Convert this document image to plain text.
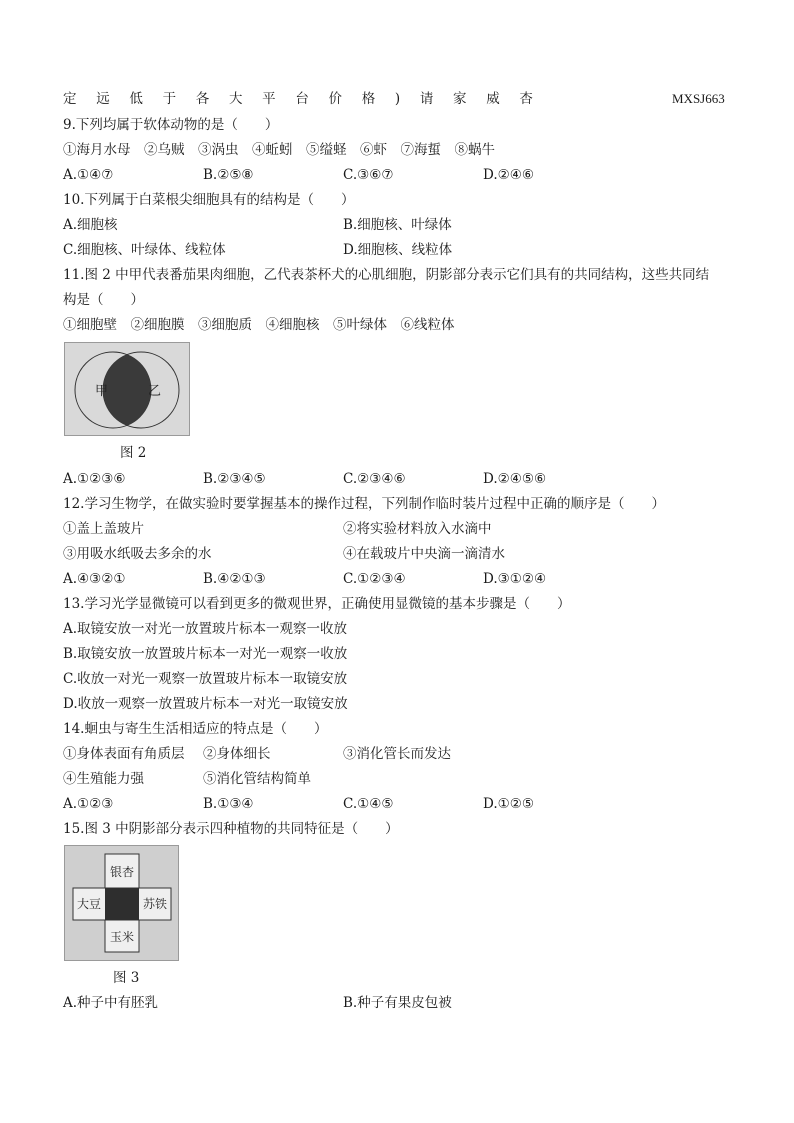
定 远 低 于 各 大 平 台 价 格 ) 请 家 威 杏	MXSJ663
9.下列均属于软体动物的是（　　）
①海月水母　②乌贼　③涡虫　④蚯蚓　⑤缢蛏　⑥虾　⑦海蜇　⑧蜗牛
A.①④⑦	B.②⑤⑧	C.③⑥⑦	D.②④⑥
10.下列属于白菜根尖细胞具有的结构是（　　）
A.细胞核	B.细胞核、叶绿体
C.细胞核、叶绿体、线粒体	D.细胞核、线粒体
11.图 2 中甲代表番茄果肉细胞，乙代表茶杯犬的心肌细胞，阴影部分表示它们具有的共同结构，这些共同结
构是（　　）
①细胞壁　②细胞膜　③细胞质　④细胞核　⑤叶绿体　⑥线粒体
甲	乙
图 2
A.①②③⑥	B.②③④⑤	C.②③④⑥	D.②④⑤⑥
12.学习生物学，在做实验时要掌握基本的操作过程，下列制作临时装片过程中正确的顺序是（　　）
①盖上盖玻片	②将实验材料放入水滴中
③用吸水纸吸去多余的水	④在载玻片中央滴一滴清水
A.④③②①	B.④②①③	C.①②③④	D.③①②④
13.学习光学显微镜可以看到更多的微观世界，正确使用显微镜的基本步骤是（　　）
A.取镜安放一对光一放置玻片标本一观察一收放
B.取镜安放一放置玻片标本一对光一观察一收放
C.收放一对光一观察一放置玻片标本一取镜安放
D.收放一观察一放置玻片标本一对光一取镜安放
14.蛔虫与寄生生活相适应的特点是（　　）
①身体表面有角质层 ②身体细长	③消化管长而发达
④生殖能力强	⑤消化管结构简单
A.①②③	B.①③④	C.①④⑤	D.①②⑤
15.图 3 中阴影部分表示四种植物的共同特征是（　　）
银杏
大豆	苏铁
玉米
图 3
A.种子中有胚乳	B.种子有果皮包被
